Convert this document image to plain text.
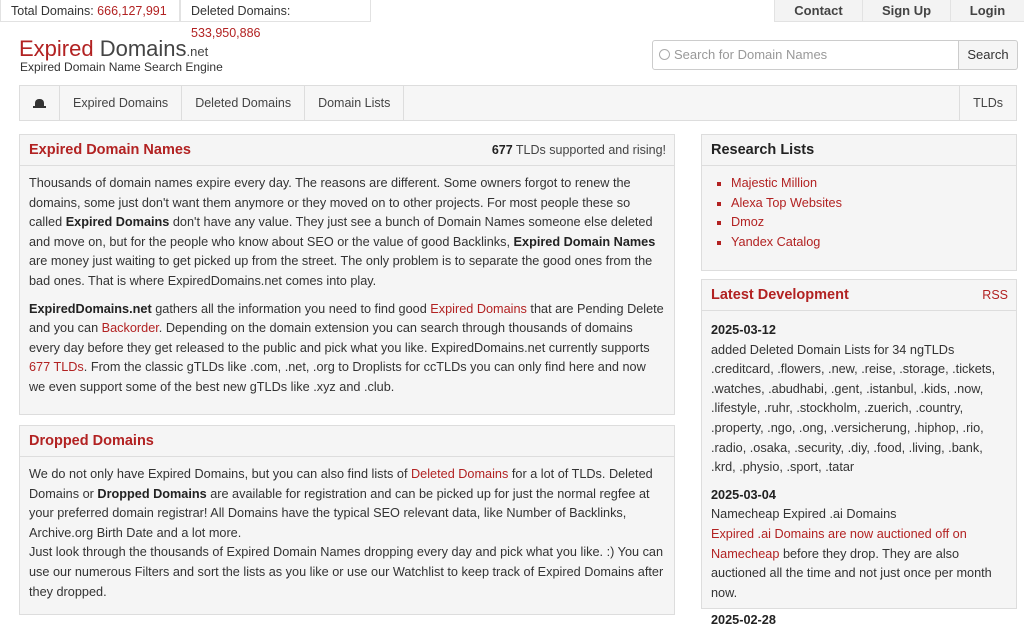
Total Domains: 666,127,991	Deleted Domains: 533,950,886
Contact	Sign Up	Login
Expired Domains.net
Expired Domain Name Search Engine
Search for Domain Names	Search
Expired Domains	Deleted Domains	Domain Lists	TLDs
Expired Domain Names	677 TLDs supported and rising!

Thousands of domain names expire every day. The reasons are different. Some owners forgot to renew the domains, some just don't want them anymore or they moved on to other projects. For most people these so called Expired Domains don't have any value. They just see a bunch of Domain Names someone else deleted and move on, but for the people who know about SEO or the value of good Backlinks, Expired Domain Names are money just waiting to get picked up from the street. The only problem is to separate the good ones from the bad ones. That is where ExpiredDomains.net comes into play.

ExpiredDomains.net gathers all the information you need to find good Expired Domains that are Pending Delete and you can Backorder. Depending on the domain extension you can search through thousands of domains every day before they get released to the public and pick what you like. ExpiredDomains.net currently supports 677 TLDs. From the classic gTLDs like .com, .net, .org to Droplists for ccTLDs you can only find here and now we even support some of the best new gTLDs like .xyz and .club.

Dropped Domains
We do not only have Expired Domains, but you can also find lists of Deleted Domains for a lot of TLDs. Deleted Domains or Dropped Domains are available for registration and can be picked up for just the normal regfee at your preferred domain registrar! All Domains have the typical SEO relevant data, like Number of Backlinks, Archive.org Birth Date and a lot more.
Just look through the thousands of Expired Domain Names dropping every day and pick what you like. :) You can use our numerous Filters and sort the lists as you like or use our Watchlist to keep track of Expired Domains after they dropped.
Research Lists
▪ Majestic Million
▪ Alexa Top Websites
▪ Dmoz
▪ Yandex Catalog
Latest Development	RSS
2025-03-12
added Deleted Domain Lists for 34 ngTLDs .creditcard, .flowers, .new, .reise, .storage, .tickets, .watches, .abudhabi, .gent, .istanbul, .kids, .now, .lifestyle, .ruhr, .stockholm, .zuerich, .country, .property, .ngo, .ong, .versicherung, .hiphop, .rio, .radio, .osaka, .security, .diy, .food, .living, .bank, .krd, .physio, .sport, .tatar
2025-03-04
Namecheap Expired .ai Domains
Expired .ai Domains are now auctioned off on Namecheap before they drop. They are also auctioned all the time and not just once per month now.
2025-02-28
